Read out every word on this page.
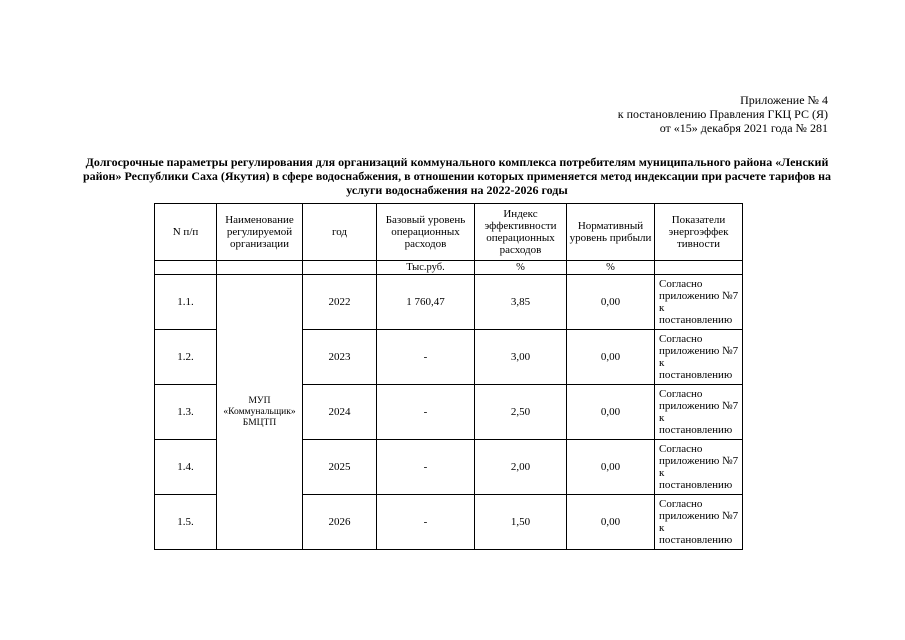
Приложение № 4
к постановлению Правления ГКЦ РС (Я)
от «15» декабря 2021 года № 281
Долгосрочные параметры регулирования для организаций коммунального комплекса потребителям муниципального района «Ленский район» Республики Саха (Якутия) в сфере водоснабжения, в отношении которых применяется метод индексации при расчете тарифов на услуги водоснабжения на 2022-2026 годы
N п/п	Наименование регулируемой организации	год	Базовый уровень операционных расходов	Индекс эффективности операционных расходов	Нормативный уровень прибыли	Показатели энергоэффек тивности
			Тыс.руб.	%	%	
1.1.	МУП «Коммунальщик» БМЦТП	2022	1 760,47	3,85	0,00	Согласно приложению №7 к постановлению
1.2.		2023	-	3,00	0,00	Согласно приложению №7 к постановлению
1.3.		2024	-	2,50	0,00	Согласно приложению №7 к постановлению
1.4.		2025	-	2,00	0,00	Согласно приложению №7 к постановлению
1.5.		2026	-	1,50	0,00	Согласно приложению №7 к постановлению
